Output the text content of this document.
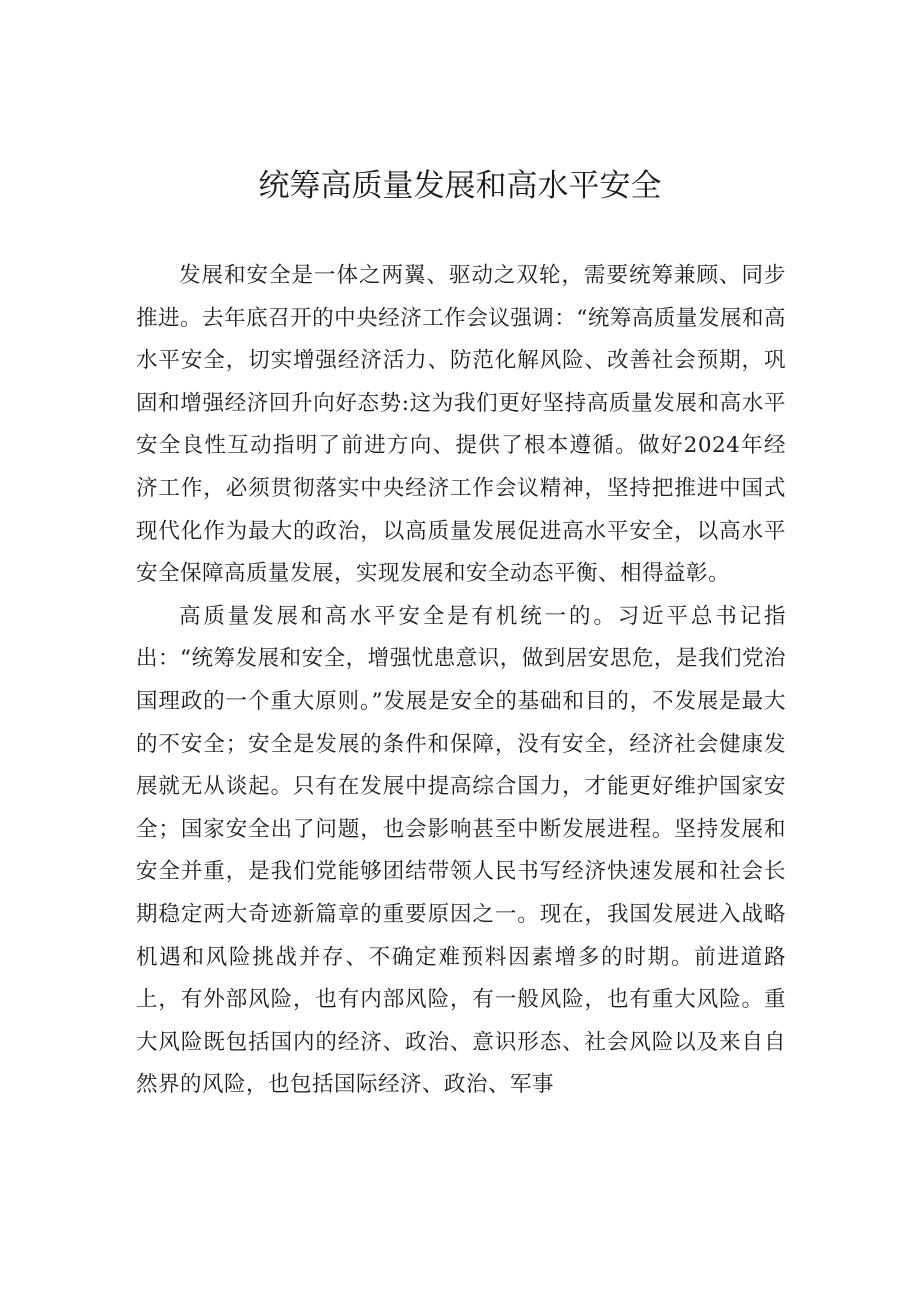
统筹高质量发展和高水平安全

发展和安全是一体之两翼、驱动之双轮，需要统筹兼顾、同步推进。去年底召开的中央经济工作会议强调：“统筹高质量发展和高水平安全，切实增强经济活力、防范化解风险、改善社会预期，巩固和增强经济回升向好态势:这为我们更好坚持高质量发展和高水平安全良性互动指明了前进方向、提供了根本遵循。做好2024年经济工作，必须贯彻落实中央经济工作会议精神，坚持把推进中国式现代化作为最大的政治，以高质量发展促进高水平安全，以高水平安全保障高质量发展，实现发展和安全动态平衡、相得益彰。

高质量发展和高水平安全是有机统一的。习近平总书记指出：“统筹发展和安全，增强忧患意识，做到居安思危，是我们党治国理政的一个重大原则。”发展是安全的基础和目的，不发展是最大的不安全；安全是发展的条件和保障，没有安全，经济社会健康发展就无从谈起。只有在发展中提高综合国力，才能更好维护国家安全；国家安全出了问题，也会影响甚至中断发展进程。坚持发展和安全并重，是我们党能够团结带领人民书写经济快速发展和社会长期稳定两大奇迹新篇章的重要原因之一。现在，我国发展进入战略机遇和风险挑战并存、不确定难预料因素增多的时期。前进道路上，有外部风险，也有内部风险，有一般风险，也有重大风险。重大风险既包括国内的经济、政治、意识形态、社会风险以及来自自然界的风险，也包括国际经济、政治、军事
